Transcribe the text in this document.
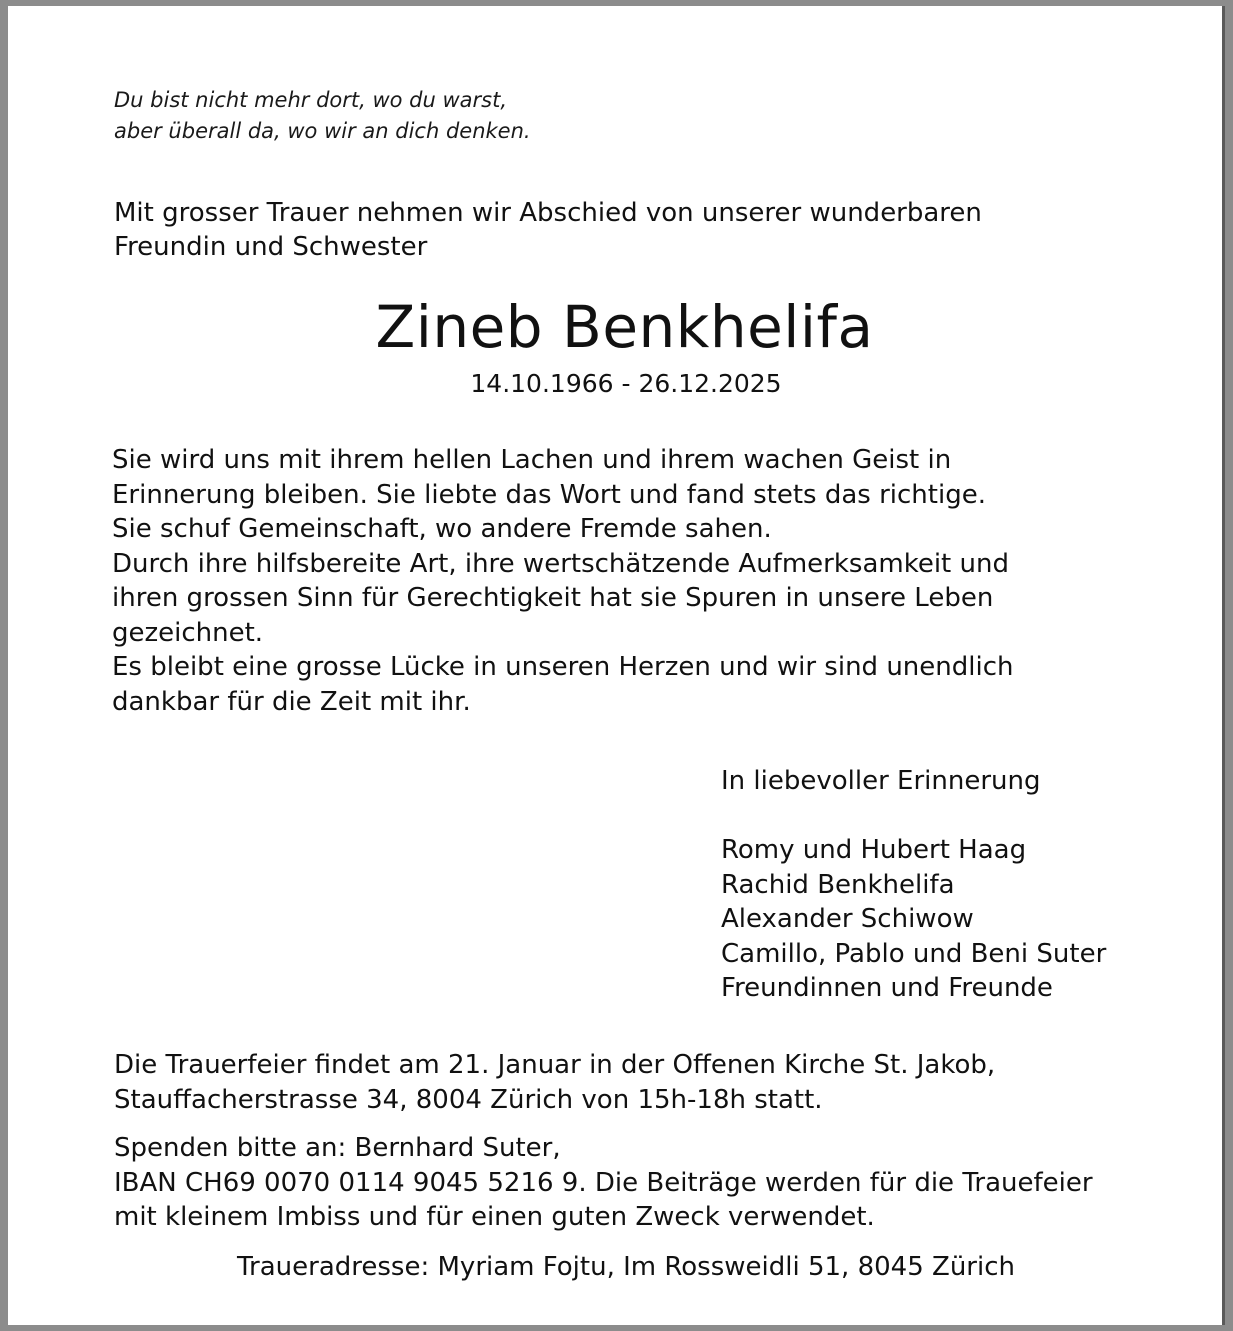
Du bist nicht mehr dort, wo du warst,
aber überall da, wo wir an dich denken.
Mit grosser Trauer nehmen wir Abschied von unserer wunderbaren
Freundin und Schwester
Zineb Benkhelifa
14.10.1966 - 26.12.2025
Sie wird uns mit ihrem hellen Lachen und ihrem wachen Geist in
Erinnerung bleiben. Sie liebte das Wort und fand stets das richtige.
Sie schuf Gemeinschaft, wo andere Fremde sahen.
Durch ihre hilfsbereite Art, ihre wertschätzende Aufmerksamkeit und
ihren grossen Sinn für Gerechtigkeit hat sie Spuren in unsere Leben
gezeichnet.
Es bleibt eine grosse Lücke in unseren Herzen und wir sind unendlich
dankbar für die Zeit mit ihr.
In liebevoller Erinnerung
Romy und Hubert Haag
Rachid Benkhelifa
Alexander Schiwow
Camillo, Pablo und Beni Suter
Freundinnen und Freunde
Die Trauerfeier findet am 21. Januar in der Offenen Kirche St. Jakob,
Stauffacherstrasse 34, 8004 Zürich von 15h-18h statt.
Spenden bitte an: Bernhard Suter,
IBAN CH69 0070 0114 9045 5216 9. Die Beiträge werden für die Trauefeier
mit kleinem Imbiss und für einen guten Zweck verwendet.
Traueradresse: Myriam Fojtu, Im Rossweidli 51, 8045 Zürich
